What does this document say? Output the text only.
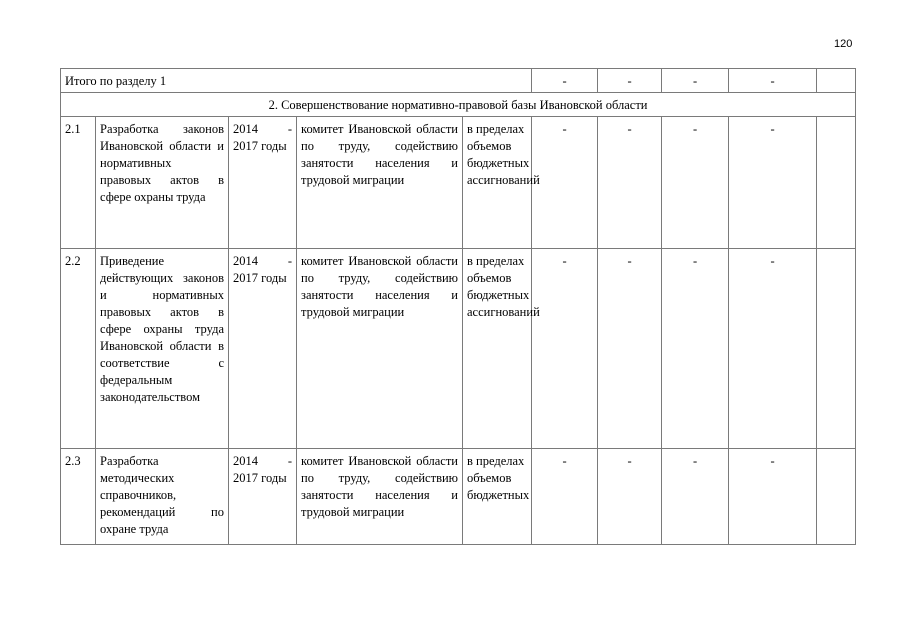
120
Итого по разделу 1					-	-	-	-	
2. Совершенствование нормативно-правовой базы Ивановской области									
2.1	Разработка законов Ивановской области и нормативных правовых актов в сфере охраны труда	2014 - 2017 годы	комитет Ивановской области по труду, содействию занятости населения и трудовой миграции	в пределах объемов бюджетных ассигнований	-	-	-	-	
2.2	Приведение действующих законов и нормативных правовых актов в сфере охраны труда Ивановской области в соответствие с федеральным законодательством	2014 - 2017 годы	комитет Ивановской области по труду, содействию занятости населения и трудовой миграции	в пределах объемов бюджетных ассигнований	-	-	-	-	
2.3	Разработка методических справочников, рекомендаций по охране труда	2014 - 2017 годы	комитет Ивановской области по труду, содействию занятости населения и трудовой миграции	в пределах объемов бюджетных	-	-	-	-	
